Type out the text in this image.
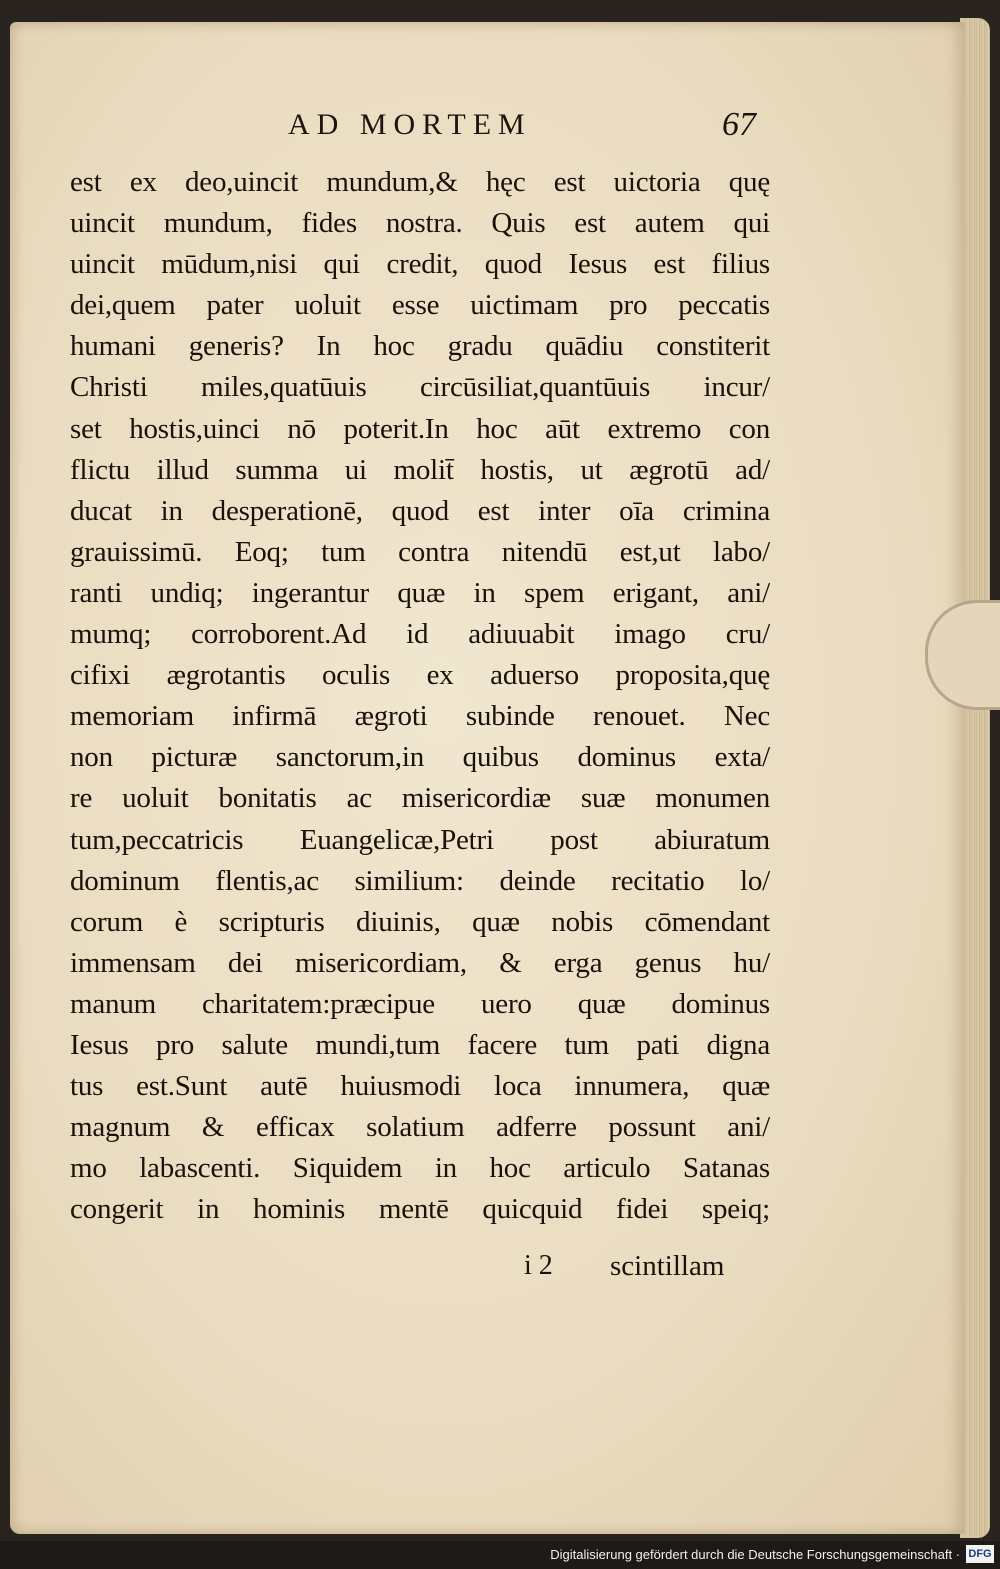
AD MORTEM	67
est ex deo,uincit mundum,& hęc est uictoria quę
uincit mundum, fides nostra. Quis est autem qui
uincit mūdum,nisi qui credit, quod Iesus est filius
dei,quem pater uoluit esse uictimam pro peccatis
humani generis? In hoc gradu quādiu constiterit
Christi miles,quatūuis circūsiliat,quantūuis incur/
set hostis,uinci nō poterit.In hoc aūt extremo con
flictu illud summa ui molit̄ hostis, ut ægrotū ad/
ducat in desperationē, quod est inter oīa crimina
grauissimū. Eoq; tum contra nitendū est,ut labo/
ranti undiq; ingerantur quæ in spem erigant, ani/
mumq; corroborent.Ad id adiuuabit imago cru/
cifixi ægrotantis oculis ex aduerso proposita,quę
memoriam infirmā ægroti subinde renouet. Nec
non picturæ sanctorum,in quibus dominus exta/
re uoluit bonitatis ac misericordiæ suæ monumen
tum,peccatricis Euangelicæ,Petri post abiuratum
dominum flentis,ac similium: deinde recitatio lo/
corum è scripturis diuinis, quæ nobis cōmendant
immensam dei misericordiam, & erga genus hu/
manum charitatem:præcipue uero quæ dominus
Iesus pro salute mundi,tum facere tum pati digna
tus est.Sunt autē huiusmodi loca innumera, quæ
magnum & efficax solatium adferre possunt ani/
mo labascenti. Siquidem in hoc articulo Satanas
congerit in hominis mentē quicquid fidei speiq;
i 2 scintillam
Digitalisierung gefördert durch die Deutsche Forschungsgemeinschaft · DFG
